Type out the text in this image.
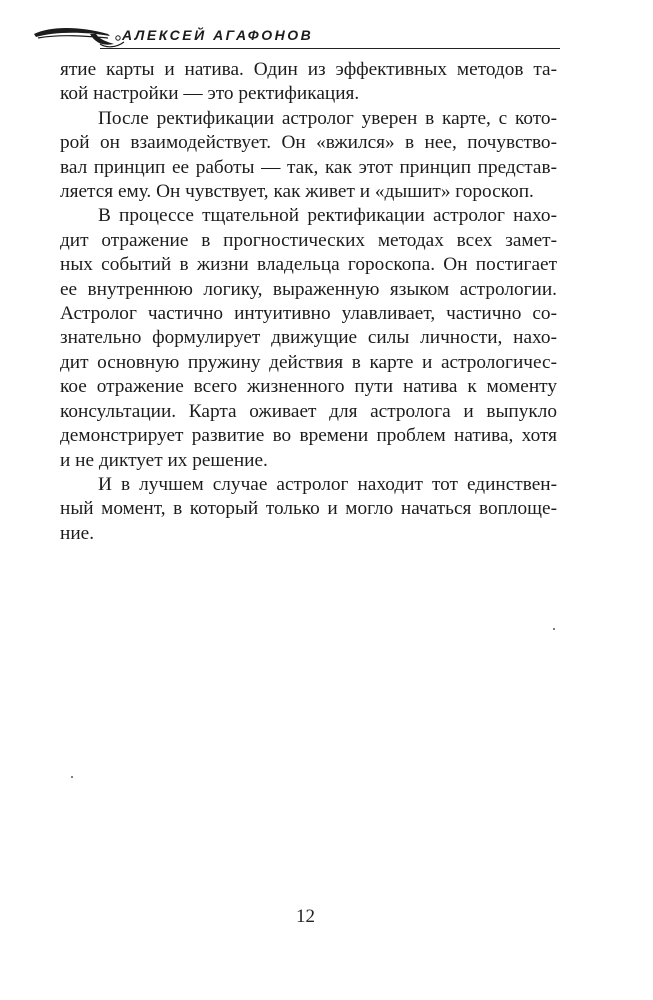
АЛЕКСЕЙ АГАФОНОВ
ятие карты и натива. Один из эффективных методов та-
кой настройки — это ректификация.
После ректификации астролог уверен в карте, с кото-
рой он взаимодействует. Он «вжился» в нее, почувство-
вал принцип ее работы — так, как этот принцип представ-
ляется ему. Он чувствует, как живет и «дышит» гороскоп.
В процессе тщательной ректификации астролог нахо-
дит отражение в прогностических методах всех замет-
ных событий в жизни владельца гороскопа. Он постигает
ее внутреннюю логику, выраженную языком астрологии.
Астролог частично интуитивно улавливает, частично со-
знательно формулирует движущие силы личности, нахо-
дит основную пружину действия в карте и астрологичес-
кое отражение всего жизненного пути натива к моменту
консультации. Карта оживает для астролога и выпукло
демонстрирует развитие во времени проблем натива, хотя
и не диктует их решение.
И в лучшем случае астролог находит тот единствен-
ный момент, в который только и могло начаться воплоще-
ние.
12
